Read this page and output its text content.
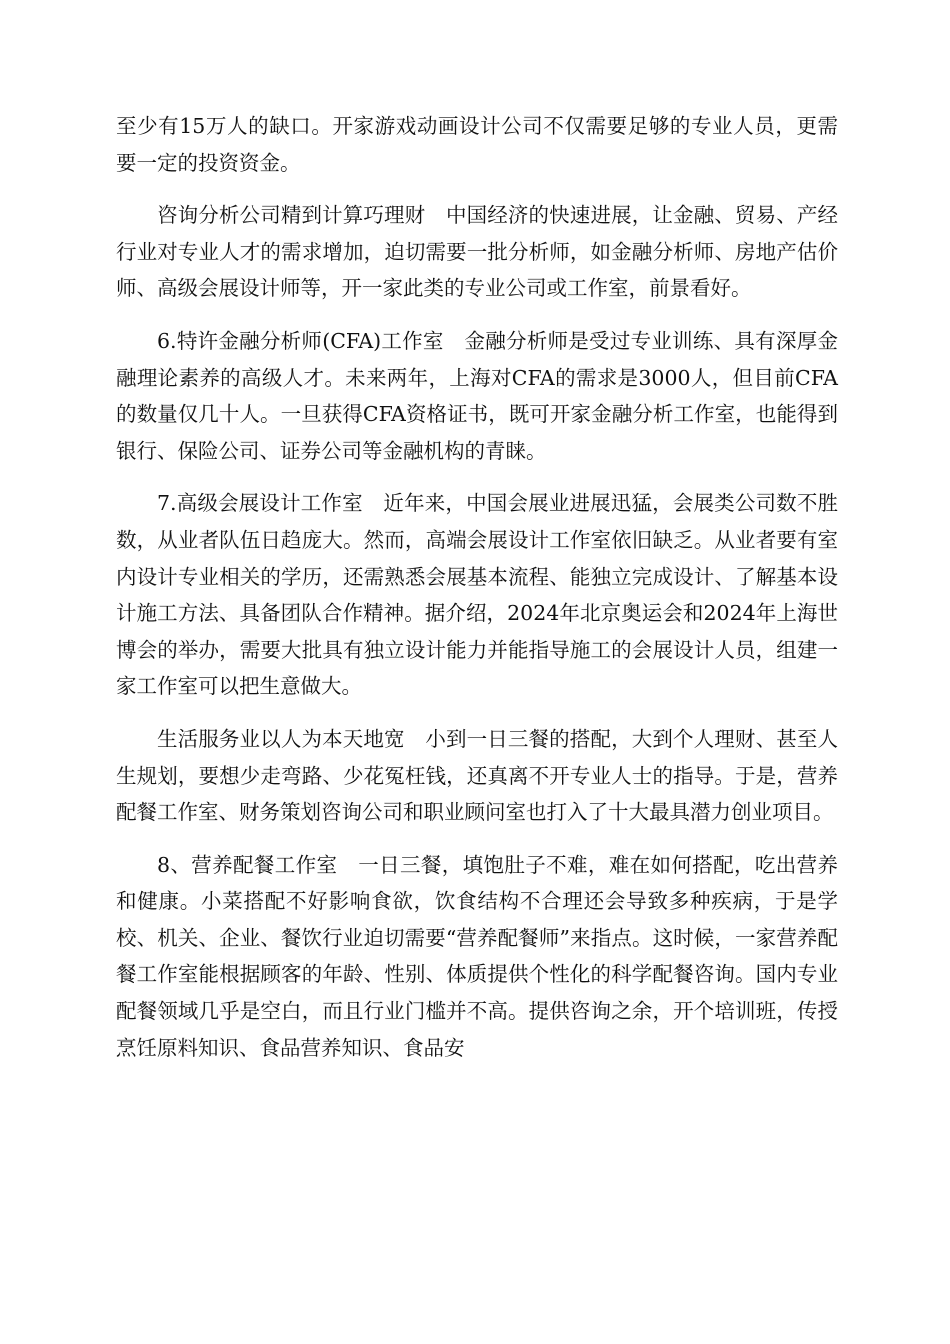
至少有15万人的缺口。开家游戏动画设计公司不仅需要足够的专业人员，更需要一定的投资资金。

咨询分析公司精到计算巧理财　中国经济的快速进展，让金融、贸易、产经行业对专业人才的需求增加，迫切需要一批分析师，如金融分析师、房地产估价师、高级会展设计师等，开一家此类的专业公司或工作室，前景看好。

6.特许金融分析师(CFA)工作室　金融分析师是受过专业训练、具有深厚金融理论素养的高级人才。未来两年，上海对CFA的需求是3000人，但目前CFA的数量仅几十人。一旦获得CFA资格证书，既可开家金融分析工作室，也能得到银行、保险公司、证券公司等金融机构的青睐。

7.高级会展设计工作室　近年来，中国会展业进展迅猛，会展类公司数不胜数，从业者队伍日趋庞大。然而，高端会展设计工作室依旧缺乏。从业者要有室内设计专业相关的学历，还需熟悉会展基本流程、能独立完成设计、了解基本设计施工方法、具备团队合作精神。据介绍，2024年北京奥运会和2024年上海世博会的举办，需要大批具有独立设计能力并能指导施工的会展设计人员，组建一家工作室可以把生意做大。

生活服务业以人为本天地宽　小到一日三餐的搭配，大到个人理财、甚至人生规划，要想少走弯路、少花冤枉钱，还真离不开专业人士的指导。于是，营养配餐工作室、财务策划咨询公司和职业顾问室也打入了十大最具潜力创业项目。

8、营养配餐工作室　一日三餐，填饱肚子不难，难在如何搭配，吃出营养和健康。小菜搭配不好影响食欲，饮食结构不合理还会导致多种疾病，于是学校、机关、企业、餐饮行业迫切需要“营养配餐师”来指点。这时候，一家营养配餐工作室能根据顾客的年龄、性别、体质提供个性化的科学配餐咨询。国内专业配餐领域几乎是空白，而且行业门槛并不高。提供咨询之余，开个培训班，传授烹饪原料知识、食品营养知识、食品安
